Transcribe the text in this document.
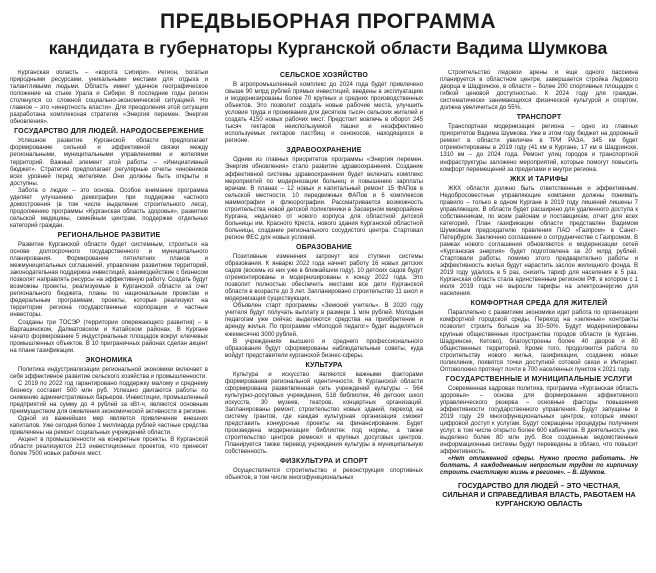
ПРЕДВЫБОРНАЯ ПРОГРАММА
кандидата в губернаторы Курганской области Вадима Шумкова

Курганская область – «ворота Сибири». Регион, богатый природными ресурсами, уникальными местами для отдыха и талантливыми людьми. Область имеет удачное географическое положение на стыке Урала и Сибири. В последние годы регион столкнулся со сложной социально-экономической ситуацией. Но главное – это «инертность власти». Для преодоления этой ситуации разработана комплексная стратегия «Энергия перемен. Энергия обновления».

ГОСУДАРСТВО ДЛЯ ЛЮДЕЙ. НАРОДОСБЕРЕЖЕНИЕ

Успешное развитие Курганской области предполагает формирование сильной и эффективной связки между региональными, муниципальными управлениями и жителями территорий. Важный элемент этой работы – «Инициативный бюджет». Стратегия предполагает регулярные отчеты чиновников всех уровней перед жителями. Они должны быть открыты и доступны.

Забота о людях – это основа. Особое внимание программа уделяет улучшению демографии при поддержке частного домостроения (в том числе выделение строительного леса), продолжению программы «Курганская область здоровья», развитию сельской медицины, семейным центрам, поддержке отдельных категорий граждан.

РЕГИОНАЛЬНОЕ РАЗВИТИЕ

Развитие Курганской области будет системным, строиться на основе долгосрочного государственного и муниципального планирования. Формирование пятилетних планов и межмуниципальных соглашений, управление развитием территорий, законодательная поддержка инвестиций, взаимодействие с бизнесом позволят направлять ресурсы на эффективную работу. Создать будут возможны проекты, реализуемые в Курганской области за счет регионального бюджета, планы по национальным проектам и федеральным программам, проекты, которые реализуют на территории региона государственные корпорации и частные инвесторы.

Созданы три ТОСЭР (территории опережающего развития) – в Варгашинском, Далматовском и Катайском районах. В Кургане начато формирование 5 индустриальных площадок вокруг ключевых промышленных объектов. В 10 приграничных районах сделан акцент на плане газификации.

ЭКОНОМИКА

Политика индустриализации региональной экономики включает в себя эффективное развитие сельского хозяйства и промышленности.

С 2019 по 2022 год гарантировано поддержку малому и среднему бизнесу составит 500 млн руб. Успешно двигаются работы по снижению административных барьеров. Инвестиции, промышленный предприятий на сумму до 4 рублей за кВт-ч, являются основным преимуществом для оживления экономической активности в регионе.

Одной из важнейших мер является привлечение внешних капиталов. Уже сегодня более 1 миллиарда рублей частные средства привлечены на ремонт социальных учреждений области.

Акцент в промышленности на конкретные проекты. В Курганской области реализуются 213 инвестиционных проектов, что принесет более 7500 новых рабочих мест.

СЕЛЬСКОЕ ХОЗЯЙСТВО

В агропромышленный комплекс до 2024 года будет привлечено свыше 90 млрд рублей прямых инвестиций, введены в эксплуатацию и модернизированы более 70 крупных и средних производственных объектов. Это позволит создать новые рабочие места, улучшить условия труда и проживания для десятков тысяч сельских жителей и создать 4150 новых рабочих мест. Предстоит вовлечь в оборот 245 тысяч гектаров неиспользуемой пашни и неэффективно используемых гектаров пастбищ и сенокосов, находящихся в регионе.

ЗДРАВООХРАНЕНИЕ

Одним из главных приоритетов программы «Энергия перемен. Энергия обновления» стало развитие здравоохранения. Создание эффективной системы здравоохранения будет включать комплекс мероприятий по модернизации больниц и повышению зарплаты врачам. В планах – 12 новых и капитальный ремонт 15 ФАПов в сельской местности, 10 передвижных ФАПов и 6 комплексов маммографии и флюорографии. Рассматривается возможность строительства новой детской поликлиники в Заозерном микрорайоне Кургана, недалеко от нового корпуса для областной детской больницы им. Красного Креста, нового здания Курганской областной больницы, создание регионального сосудистого центра. Стартовал регион ФЕС для новых условий.

ОБРАЗОВАНИЕ

Позитивные изменения затронут все ступени системы образования. К январю 2022 года начнет работу 16 новых детских садов (восемь из них уже в ближайшем году). 10 детских садов будут отремонтированы и модернизированы к концу 2022 года. Это позволит полностью обеспечить местами все дети Курганской области в возрасте до 3 лет. Запланировано строительство 11 школ и модернизация существующих.

Объявлен старт программы «Земский учитель». В 2020 году учителя будут получать выплату в размере 1 млн рублей. Молодым педагогам уже сейчас выделяются средства на приобретение и аренду жилья. По программе «Молодой педагог» будет выделяться ежемесячно 3000 рублей.

В учреждениях высшего и среднего профессионального образования будут сформированы наблюдательные советы, куда войдут представители курганской бизнес-сферы.

КУЛЬТУРА

Культура и искусство являются важными факторами формирования региональной идентичности. В Курганской области сформирована разветвленная сеть учреждений культуры – 564 культурно-досуговых учреждения, 518 библиотек, 46 детских школ искусств, 30 музеев, театров, концертных организаций. Запланированы ремонт, строительство новых зданий, переход на систему грантов, где каждая культурная организация сможет представить конкурсные проекты на финансирование. Будет произведена модернизация библиотек под нормы, а также строительство центров ремесел и крупных досуговых центров. Планируется также перевод учреждения культуры в муниципальную собственность.

ФИЗКУЛЬТУРА И СПОРТ

Осуществляется строительство и реконструкция спортивных объектов, в том числе многофункциональных

Строительство Ледовой арены и еще одного бассейна планируется в областном центре, завершается стройка Ледового дворца в Шадринске, в области – более 200 спортивных площадок с гибкой ценовой доступностью. К 2024 году для граждан, систематически занимающихся физической культурой и спортом, должна увеличиться до 55%.

ТРАНСПОРТ

Транспортная модернизация региона – одно из главных приоритетов Вадима Шумкова. Уже в этом году бюджет на дорожный ремонт в области увеличен в ТРИ РАЗА. 345 км будет отремонтированы в 2019 году (41 км в Кургане, 17 км в Шадринске, 1310 км – до 2024 года. Ремонт улиц городов и транспортной инфраструктуры заложено мероприятий, которые помогут повысить комфорт перемещений за пределами и внутри региона.

ЖКХ И ТАРИФЫ

ЖКХ области должно быть ответственным и эффективным. Недобросовестные управляющие компании должны понимать правило – только в одном Кургане в 2019 году лишений лишены 7 управляющих. В области будет расширено для удаленного доступа к собственникам, по всем районам и поставщикам, отчет для всех категорий. План газификации области представлен Вадимом Шумковым председателю правления ПАО «Газпром» в Санкт-Петербурге. Заключено соглашение о сотрудничестве с Газпромом. В рамках нового соглашения обновляются и модернизации сетей «Курганская энергия» будет подготовлена за 20 млрд рублей. Стартовали работы, помимо этого предварительно работы и эффективность жилья будут нарастить заслон жилищного фонда. В 2019 году удалось в 5 раз, снизить тариф для населения в 5 раз. Курганская область стала единственным регионом РФ, в котором с 1 июля 2019 года не выросли тарифы на электроэнергию для населения.

КОМФОРТНАЯ СРЕДА ДЛЯ ЖИТЕЛЕЙ

Параллельно с развитием экономики идет работа по организации комфортной городской среды. Переход на «зеленые» контракты позволит строить больше на 30–50%. Будут модернизированы крупные общественные пространства городов области (в Кургане, Шадринске, Кетово), благоустроены более 40 дворов и 80 общественных территорий. Кроме того, продолжится работа по строительству нового жилья, газификации, созданию новых поликлиник, появятся точки доступной сотовой связи и Интернет. Оптоволокно протянут почти в 700 населенных пунктов к 2021 году.

ГОСУДАРСТВЕННЫЕ И МУНИЦИПАЛЬНЫЕ УСЛУГИ

Современная кадровая политика, программа «Курганская область здоровья» – основа для формирования эффективного управленческого резерва – основные факторы повышения эффективности государственного управления. Будут запущены в 2019 году 29 многофункциональных центров, которые имеют цифровой доступ к услугам. Будут сокращены процедуры получения услуг, в том числе открыто более 600 кабинетов. В деятельность уже выделено более 80 млн руб. Все созданные ведомственные информационные системы будут переведены в облако, что повысит эффективность.

«Нет отлаженной сферы. Нужно просто работать. Не болтать. А каждодневным непростым трудом по кирпичику строить счастливую жизнь в регионе». – В. Шумков.

ГОСУДАРСТВО ДЛЯ ЛЮДЕЙ – ЭТО ЧЕСТНАЯ, СИЛЬНАЯ И СПРАВЕДЛИВАЯ ВЛАСТЬ, РАБОТАЕМ НА КУРГАНСКУЮ ОБЛАСТЬ
